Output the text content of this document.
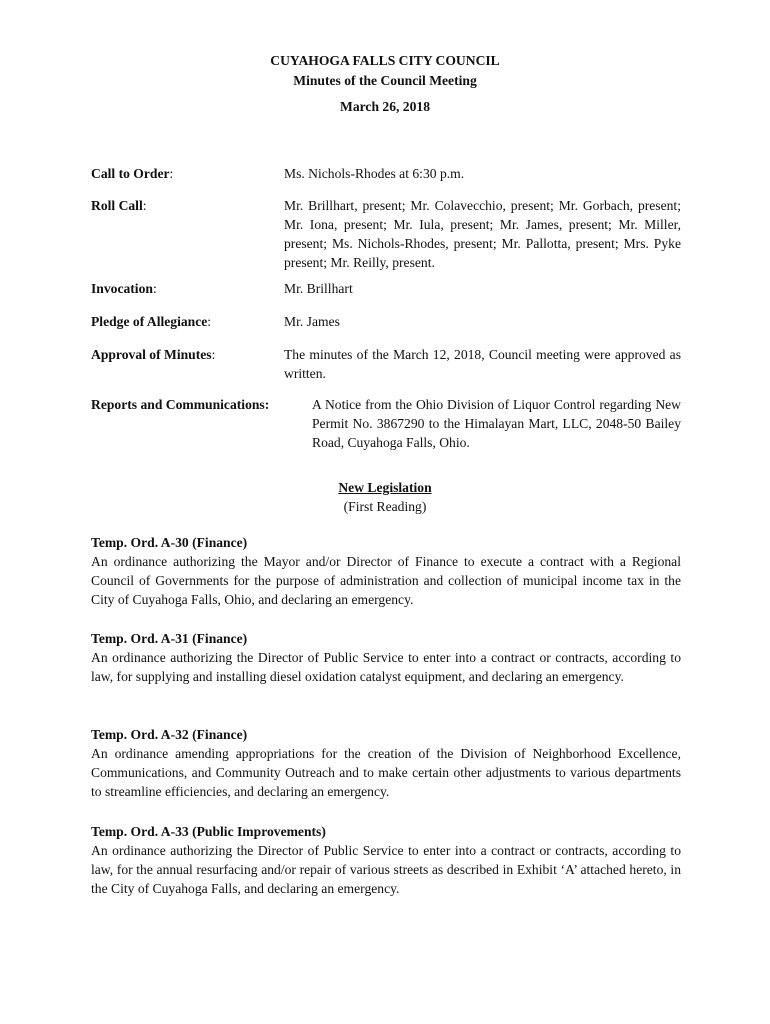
CUYAHOGA FALLS CITY COUNCIL
Minutes of the Council Meeting
March 26, 2018
Call to Order:	Ms. Nichols-Rhodes at 6:30 p.m.
Roll Call:	Mr. Brillhart, present; Mr. Colavecchio, present; Mr. Gorbach, present; Mr. Iona, present; Mr. Iula, present; Mr. James, present; Mr. Miller, present; Ms. Nichols-Rhodes, present; Mr. Pallotta, present; Mrs. Pyke present; Mr. Reilly, present.
Invocation:	Mr. Brillhart
Pledge of Allegiance:	Mr. James
Approval of Minutes:	The minutes of the March 12, 2018, Council meeting were approved as written.
Reports and Communications:	A Notice from the Ohio Division of Liquor Control regarding New Permit No. 3867290 to the Himalayan Mart, LLC, 2048-50 Bailey Road, Cuyahoga Falls, Ohio.
New Legislation
(First Reading)
Temp. Ord. A-30 (Finance)
An ordinance authorizing the Mayor and/or Director of Finance to execute a contract with a Regional Council of Governments for the purpose of administration and collection of municipal income tax in the City of Cuyahoga Falls, Ohio, and declaring an emergency.
Temp. Ord. A-31 (Finance)
An ordinance authorizing the Director of Public Service to enter into a contract or contracts, according to law, for supplying and installing diesel oxidation catalyst equipment, and declaring an emergency.
Temp. Ord. A-32 (Finance)
An ordinance amending appropriations for the creation of the Division of Neighborhood Excellence, Communications, and Community Outreach and to make certain other adjustments to various departments to streamline efficiencies, and declaring an emergency.
Temp. Ord. A-33 (Public Improvements)
An ordinance authorizing the Director of Public Service to enter into a contract or contracts, according to law, for the annual resurfacing and/or repair of various streets as described in Exhibit ‘A’ attached hereto, in the City of Cuyahoga Falls, and declaring an emergency.
